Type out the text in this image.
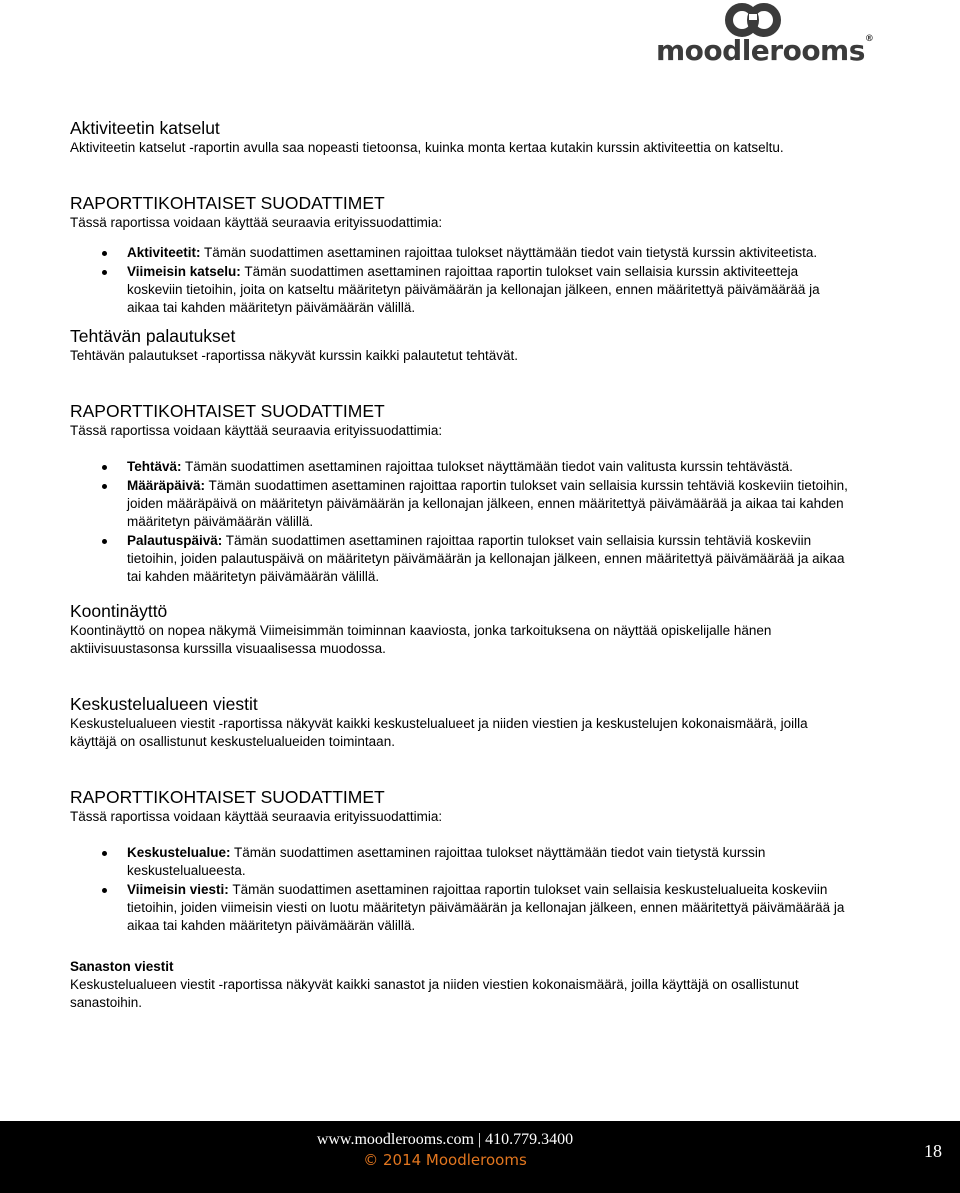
moodlerooms®
Aktiviteetin katselut

Aktiviteetin katselut -raportin avulla saa nopeasti tietoonsa, kuinka monta kertaa kutakin kurssin aktiviteettia on katseltu.

RAPORTTIKOHTAISET SUODATTIMET

Tässä raportissa voidaan käyttää seuraavia erityissuodattimia:

Aktiviteetit: Tämän suodattimen asettaminen rajoittaa tulokset näyttämään tiedot vain tietystä kurssin aktiviteetista.
Viimeisin katselu: Tämän suodattimen asettaminen rajoittaa raportin tulokset vain sellaisia kurssin aktiviteetteja koskeviin tietoihin, joita on katseltu määritetyn päivämäärän ja kellonajan jälkeen, ennen määritettyä päivämäärää ja aikaa tai kahden määritetyn päivämäärän välillä.
Tehtävän palautukset

Tehtävän palautukset -raportissa näkyvät kurssin kaikki palautetut tehtävät.

RAPORTTIKOHTAISET SUODATTIMET

Tässä raportissa voidaan käyttää seuraavia erityissuodattimia:

Tehtävä: Tämän suodattimen asettaminen rajoittaa tulokset näyttämään tiedot vain valitusta kurssin tehtävästä.
Määräpäivä: Tämän suodattimen asettaminen rajoittaa raportin tulokset vain sellaisia kurssin tehtäviä koskeviin tietoihin, joiden määräpäivä on määritetyn päivämäärän ja kellonajan jälkeen, ennen määritettyä päivämäärää ja aikaa tai kahden määritetyn päivämäärän välillä.
Palautuspäivä: Tämän suodattimen asettaminen rajoittaa raportin tulokset vain sellaisia kurssin tehtäviä koskeviin tietoihin, joiden palautuspäivä on määritetyn päivämäärän ja kellonajan jälkeen, ennen määritettyä päivämäärää ja aikaa tai kahden määritetyn päivämäärän välillä.
Koontinäyttö

Koontinäyttö on nopea näkymä Viimeisimmän toiminnan kaaviosta, jonka tarkoituksena on näyttää opiskelijalle hänen aktiivisuustasonsa kurssilla visuaalisessa muodossa.

Keskustelualueen viestit

Keskustelualueen viestit -raportissa näkyvät kaikki keskustelualueet ja niiden viestien ja keskustelujen kokonaismäärä, joilla käyttäjä on osallistunut keskustelualueiden toimintaan.

RAPORTTIKOHTAISET SUODATTIMET

Tässä raportissa voidaan käyttää seuraavia erityissuodattimia:

Keskustelualue: Tämän suodattimen asettaminen rajoittaa tulokset näyttämään tiedot vain tietystä kurssin keskustelualueesta.
Viimeisin viesti: Tämän suodattimen asettaminen rajoittaa raportin tulokset vain sellaisia keskustelualueita koskeviin tietoihin, joiden viimeisin viesti on luotu määritetyn päivämäärän ja kellonajan jälkeen, ennen määritettyä päivämäärää ja aikaa tai kahden määritetyn päivämäärän välillä.
Sanaston viestit

Keskustelualueen viestit -raportissa näkyvät kaikki sanastot ja niiden viestien kokonaismäärä, joilla käyttäjä on osallistunut sanastoihin.

www.moodlerooms.com | 410.779.3400
© 2014 Moodlerooms	18
